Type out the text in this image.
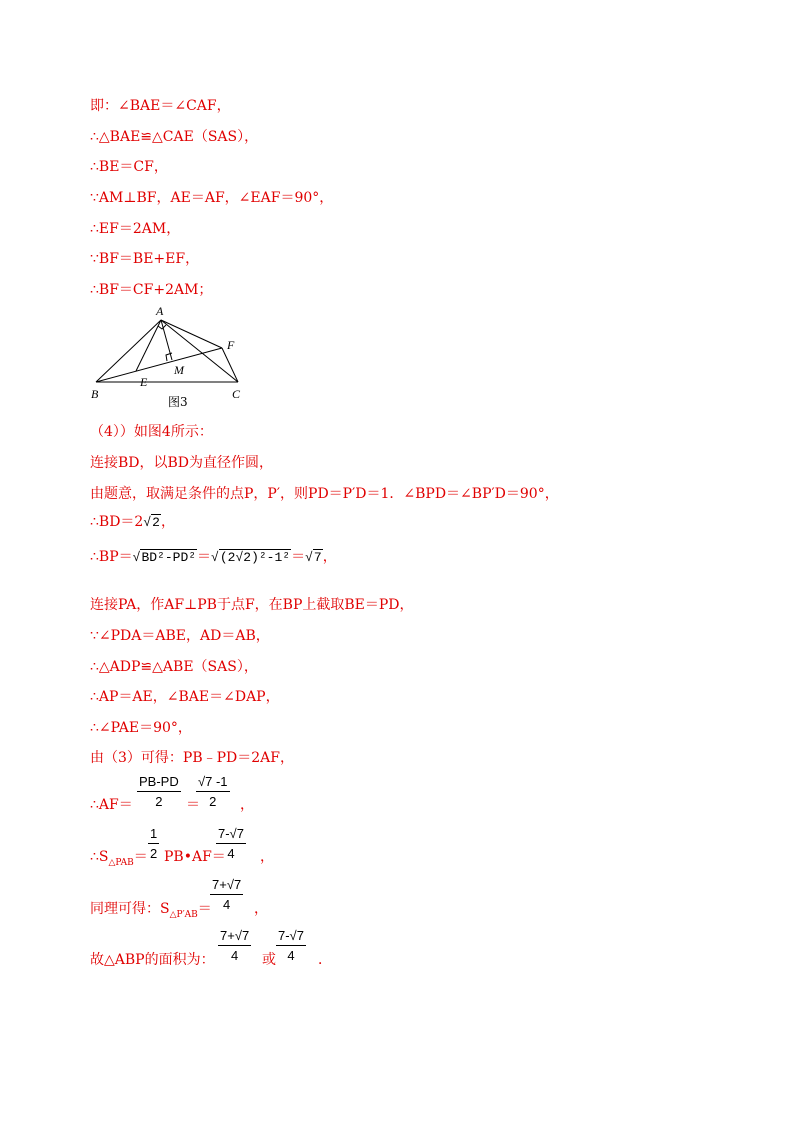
即：∠BAE＝∠CAF，
∴△BAE≌△CAE（SAS），
∴BE＝CF，
∵AM⊥BF，AE＝AF，∠EAF＝90°，
∴EF＝2AM，
∵BF＝BE+EF，
∴BF＝CF+2AM；
A
B	C
E
F
M
图3
（4））如图4所示：
连接BD，以BD为直径作圆，
由题意，取满足条件的点P，P′，则PD＝P′D＝1．∠BPD＝∠BP′D＝90°，
∴BD＝2√2，
∴BP＝√BD²-PD²＝√(2√2)²-1²＝√7，
连接PA，作AF⊥PB于点F，在BP上截取BE＝PD，
∵∠PDA＝ABE，AD＝AB，
∴△ADP≌△ABE（SAS），
∴AP＝AE，∠BAE＝∠DAP，
∴∠PAE＝90°，
由（3）可得：PB﹣PD＝2AF，
∴AF＝
PB-PD
2	＝
√7 -1
2	，
$\therefore S_{\triangle PAB}=$
1
2 PB•AF＝
7-√7
4	，
同理可得：$S_{\triangle P'AB}=$
7+√7
4	，
故△ABP的面积为：
7+√7
4	或
7-√7
4	．
